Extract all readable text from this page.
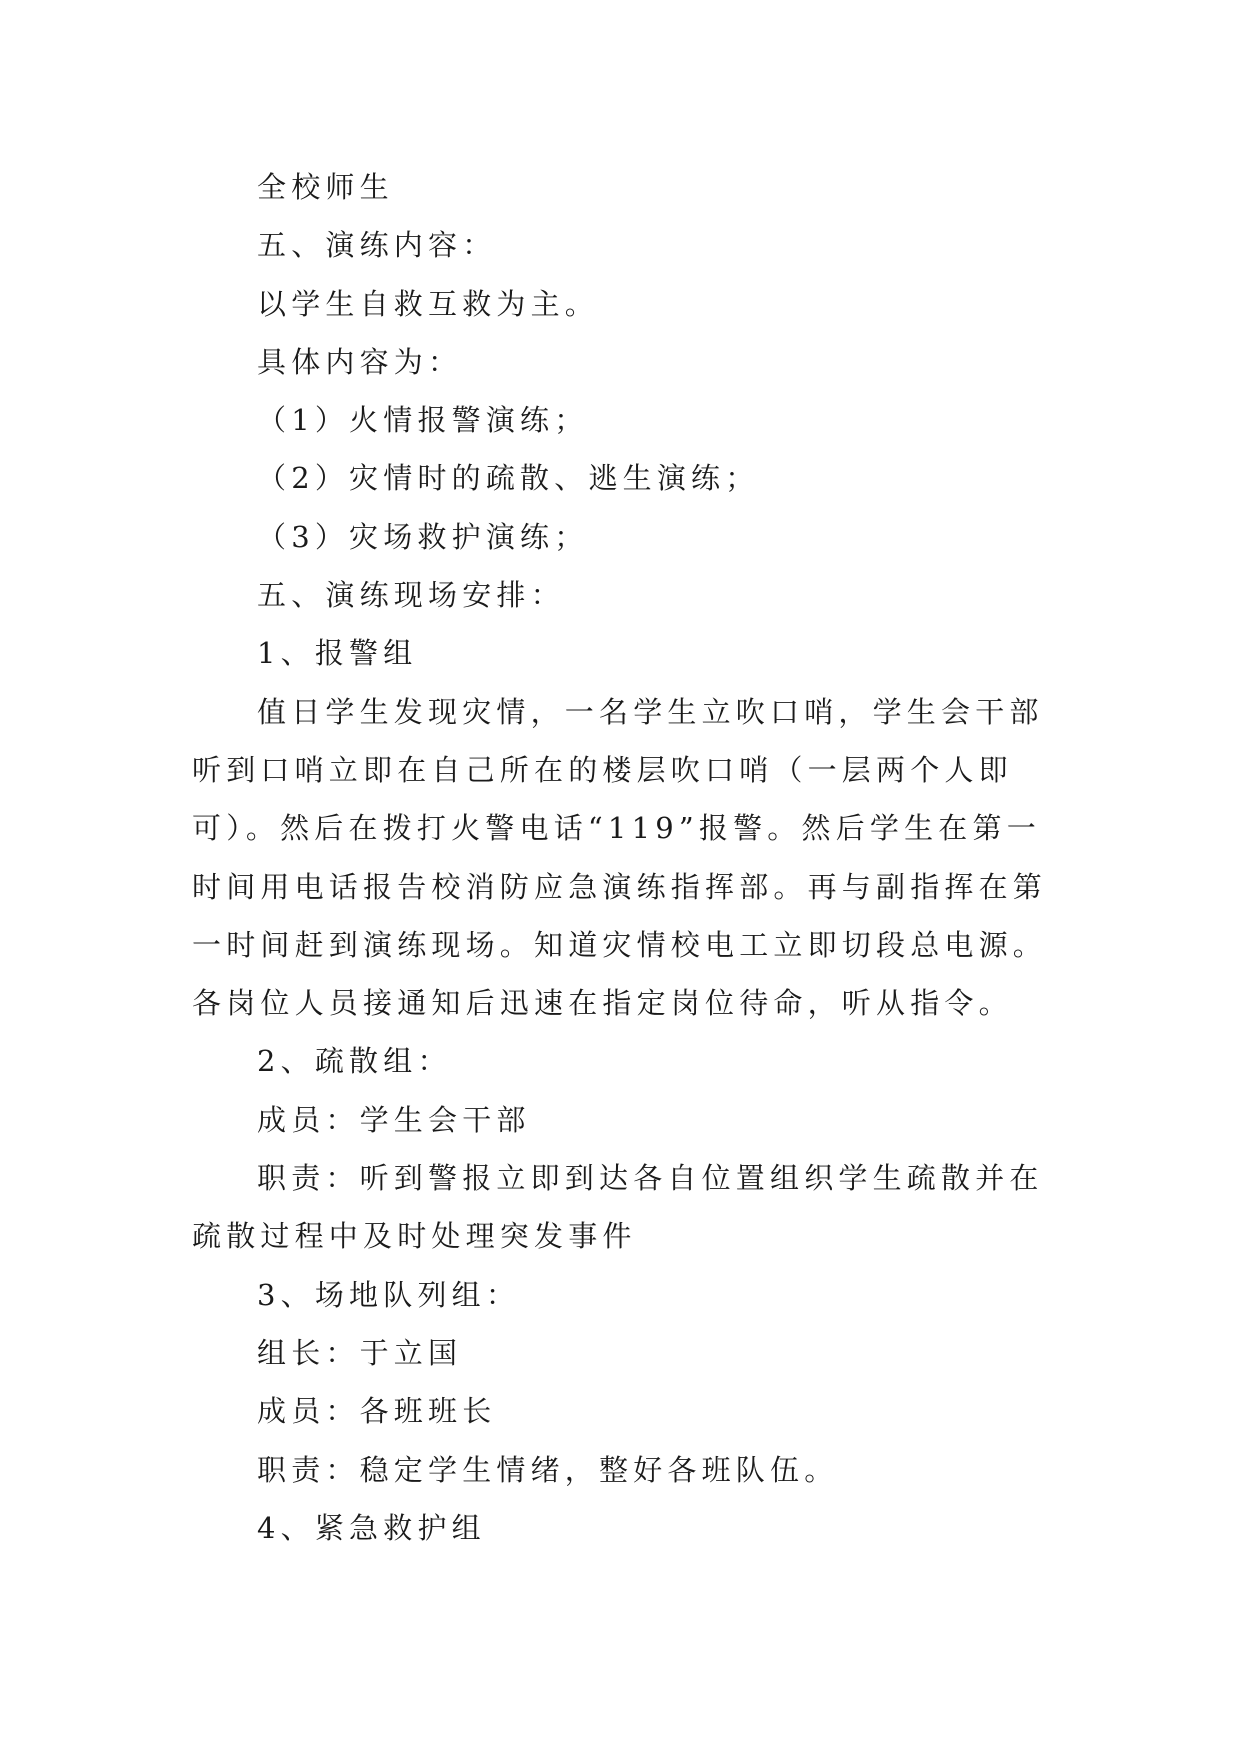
全校师生

五、演练内容：

以学生自救互救为主。

具体内容为：

（1）火情报警演练；

（2）灾情时的疏散、逃生演练；

（3）灾场救护演练；

五、演练现场安排：

1、报警组

值日学生发现灾情，一名学生立吹口哨，学生会干部听到口哨立即在自己所在的楼层吹口哨（一层两个人即可）。然后在拨打火警电话“119”报警。然后学生在第一时间用电话报告校消防应急演练指挥部。再与副指挥在第一时间赶到演练现场。知道灾情校电工立即切段总电源。各岗位人员接通知后迅速在指定岗位待命，听从指令。

2、疏散组：

成员：学生会干部

职责：听到警报立即到达各自位置组织学生疏散并在疏散过程中及时处理突发事件

3、场地队列组：

组长：于立国

成员：各班班长

职责：稳定学生情绪，整好各班队伍。

4、紧急救护组
